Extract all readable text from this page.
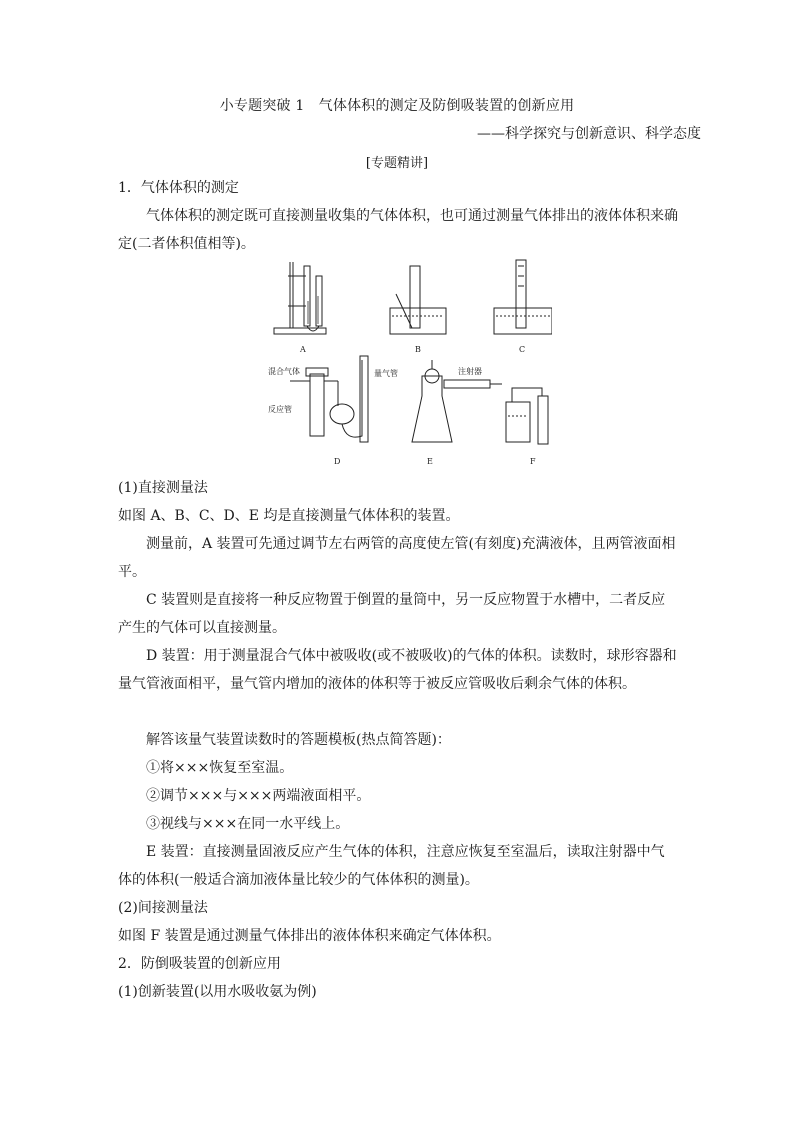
小专题突破 1　气体体积的测定及防倒吸装置的创新应用
——科学探究与创新意识、科学态度
[专题精讲]
1．气体体积的测定
气体体积的测定既可直接测量收集的气体体积，也可通过测量气体排出的液体体积来确定(二者体积值相等)。
A	B	C
混合气体
反应管
量气管
D
注射器
E	F
(1)直接测量法
如图 A、B、C、D、E 均是直接测量气体体积的装置。
测量前，A 装置可先通过调节左右两管的高度使左管(有刻度)充满液体，且两管液面相平。
C 装置则是直接将一种反应物置于倒置的量筒中，另一反应物置于水槽中，二者反应产生的气体可以直接测量。
D 装置：用于测量混合气体中被吸收(或不被吸收)的气体的体积。读数时，球形容器和量气管液面相平，量气管内增加的液体的体积等于被反应管吸收后剩余气体的体积。
解答该量气装置读数时的答题模板(热点简答题)：
①将×××恢复至室温。
②调节×××与×××两端液面相平。
③视线与×××在同一水平线上。
E 装置：直接测量固液反应产生气体的体积，注意应恢复至室温后，读取注射器中气体的体积(一般适合滴加液体量比较少的气体体积的测量)。
(2)间接测量法
如图 F 装置是通过测量气体排出的液体体积来确定气体体积。
2．防倒吸装置的创新应用
(1)创新装置(以用水吸收氨为例)
